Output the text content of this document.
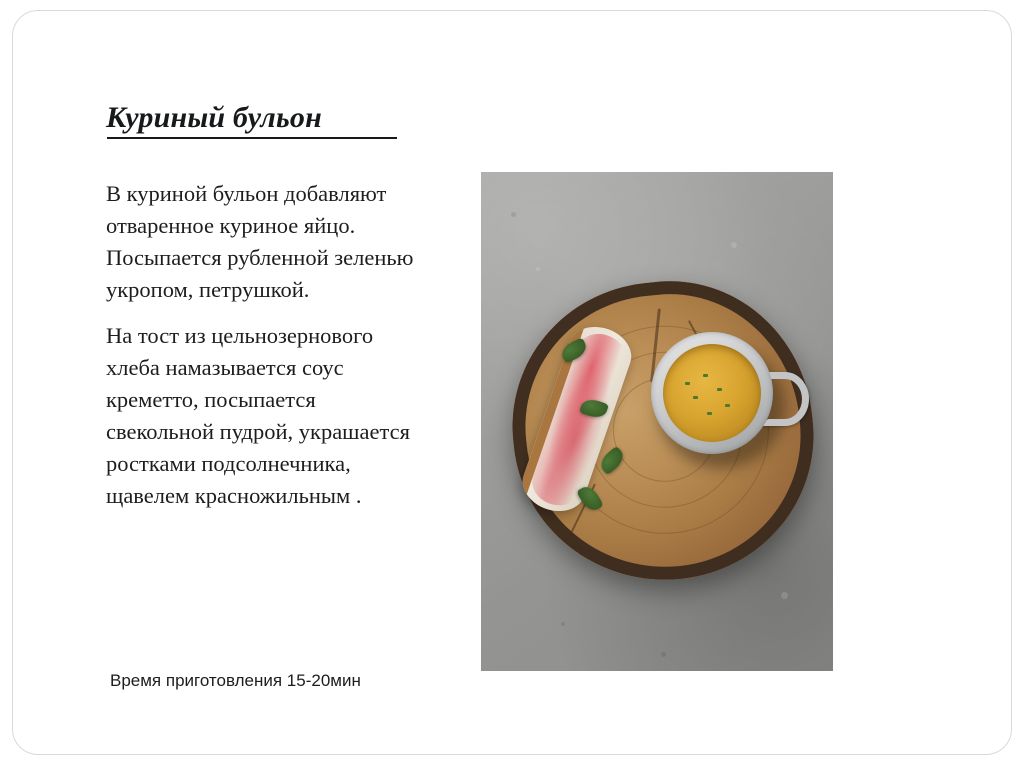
Куриный бульон

В куриной бульон добавляют отваренное куриное яйцо. Посыпается рубленной зеленью укропом, петрушкой.

На тост из цельнозернового хлеба намазывается соус креметто, посыпается свекольной пудрой, украшается ростками подсолнечника, щавелем красножильным .

Время приготовления 15-20мин
